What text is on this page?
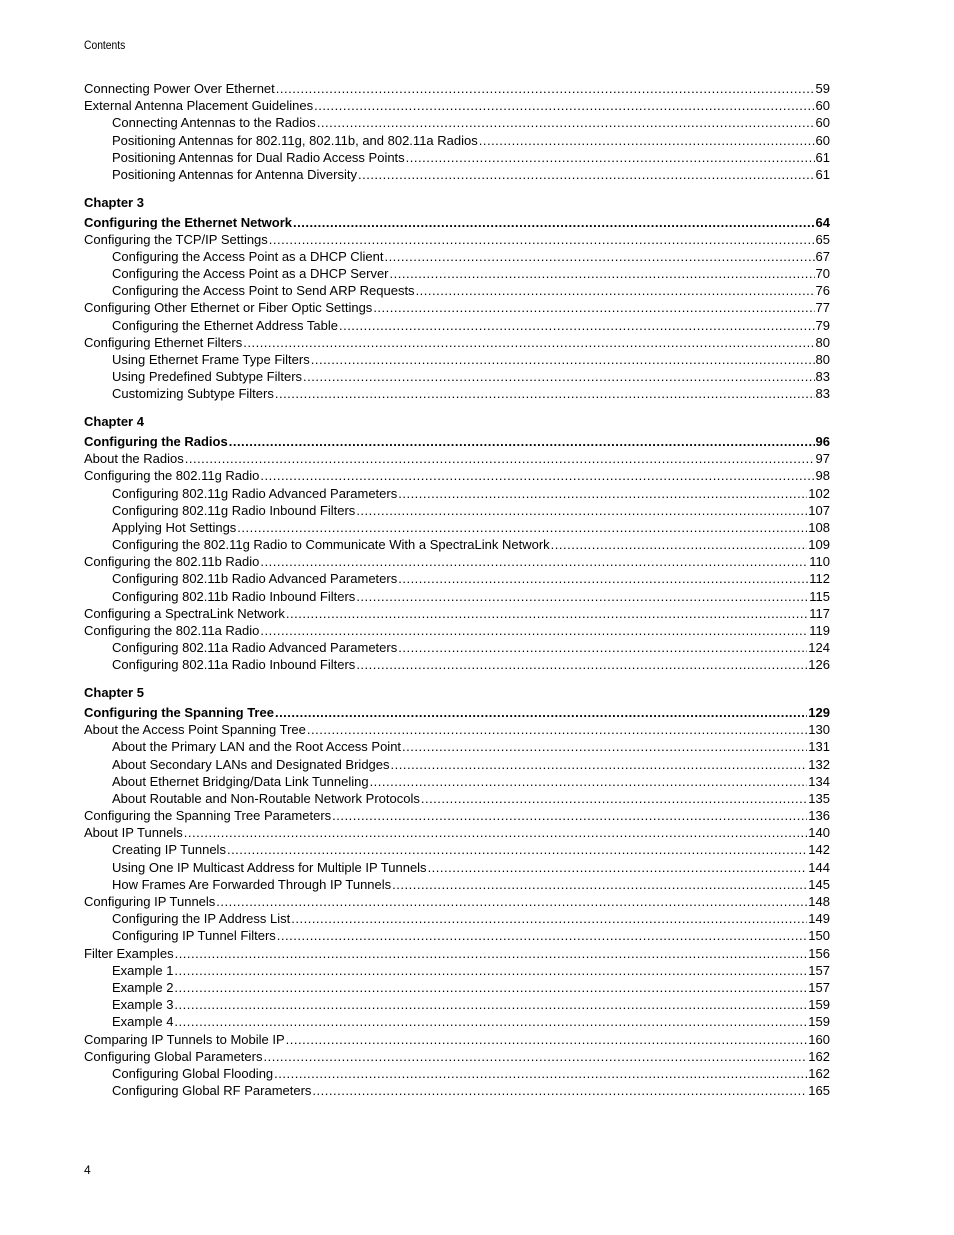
Contents
Connecting Power Over Ethernet .....	59
External Antenna Placement Guidelines .....	60
Connecting Antennas to the Radios .....	60
Positioning Antennas for 802.11g, 802.11b, and 802.11a Radios .....	60
Positioning Antennas for Dual Radio Access Points .....	61
Positioning Antennas for Antenna Diversity .....	61
Chapter 3
Configuring the Ethernet Network .....	64
Configuring the TCP/IP Settings .....	65
Configuring the Access Point as a DHCP Client .....	67
Configuring the Access Point as a DHCP Server .....	70
Configuring the Access Point to Send ARP Requests .....	76
Configuring Other Ethernet or Fiber Optic Settings .....	77
Configuring the Ethernet Address Table .....	79
Configuring Ethernet Filters .....	80
Using Ethernet Frame Type Filters .....	80
Using Predefined Subtype Filters .....	83
Customizing Subtype Filters .....	83
Chapter 4
Configuring the Radios .....	96
About the Radios .....	97
Configuring the 802.11g Radio .....	98
Configuring 802.11g Radio Advanced Parameters .....	102
Configuring 802.11g Radio Inbound Filters .....	107
Applying Hot Settings .....	108
Configuring the 802.11g Radio to Communicate With a SpectraLink Network .....	109
Configuring the 802.11b Radio .....	110
Configuring 802.11b Radio Advanced Parameters .....	112
Configuring 802.11b Radio Inbound Filters .....	115
Configuring a SpectraLink Network .....	117
Configuring the 802.11a Radio .....	119
Configuring 802.11a Radio Advanced Parameters .....	124
Configuring 802.11a Radio Inbound Filters .....	126
Chapter 5
Configuring the Spanning Tree .....	129
About the Access Point Spanning Tree .....	130
About the Primary LAN and the Root Access Point .....	131
About Secondary LANs and Designated Bridges .....	132
About Ethernet Bridging/Data Link Tunneling .....	134
About Routable and Non-Routable Network Protocols .....	135
Configuring the Spanning Tree Parameters .....	136
About IP Tunnels .....	140
Creating IP Tunnels .....	142
Using One IP Multicast Address for Multiple IP Tunnels .....	144
How Frames Are Forwarded Through IP Tunnels .....	145
Configuring IP Tunnels .....	148
Configuring the IP Address List .....	149
Configuring IP Tunnel Filters .....	150
Filter Examples .....	156
Example 1 .....	157
Example 2 .....	157
Example 3 .....	159
Example 4 .....	159
Comparing IP Tunnels to Mobile IP .....	160
Configuring Global Parameters .....	162
Configuring Global Flooding .....	162
Configuring Global RF Parameters .....	165
4
